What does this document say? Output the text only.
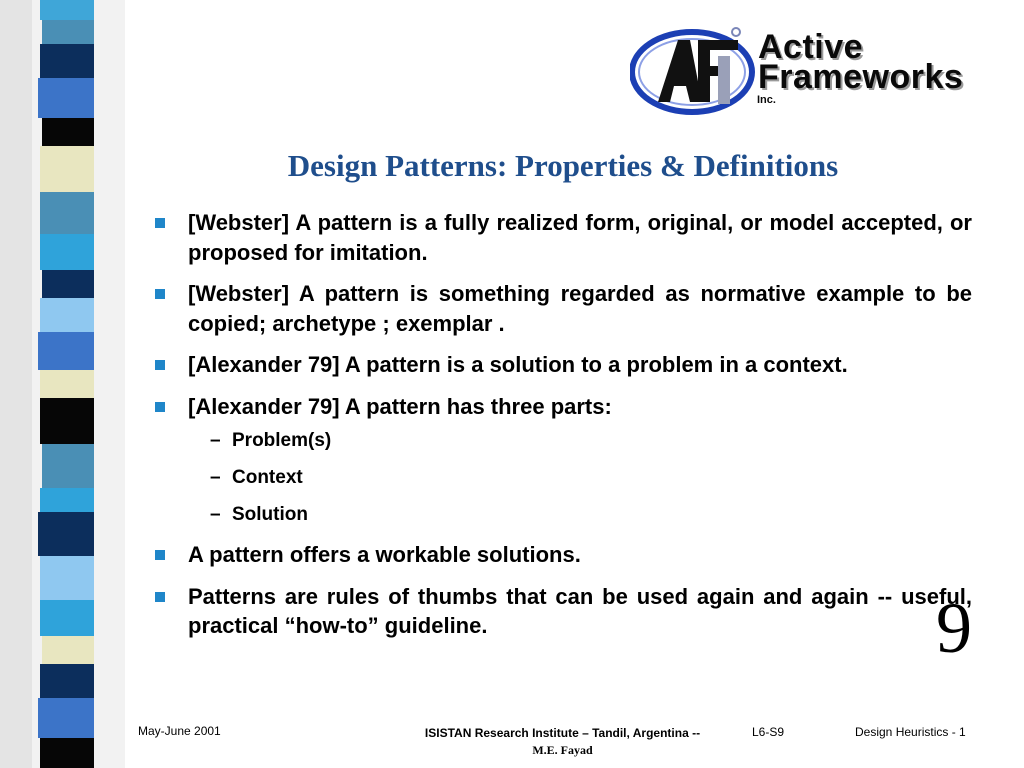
Active
Frameworks
Inc.
Design Patterns: Properties & Definitions
[Webster] A pattern is a fully realized form, original, or model accepted, or proposed for imitation.
[Webster] A pattern is something regarded as normative example to be copied; archetype ; exemplar .
[Alexander 79] A pattern is a solution to a problem in a context.
[Alexander 79] A pattern has three parts:
– Problem(s)
– Context
– Solution
A pattern offers a workable solutions.
Patterns are rules of thumbs that can be used again and again -- useful, practical “how-to” guideline.	9
May-June 2001	ISISTAN Research Institute – Tandil, Argentina -- M.E. Fayad
L6-S9	Design Heuristics - 1
